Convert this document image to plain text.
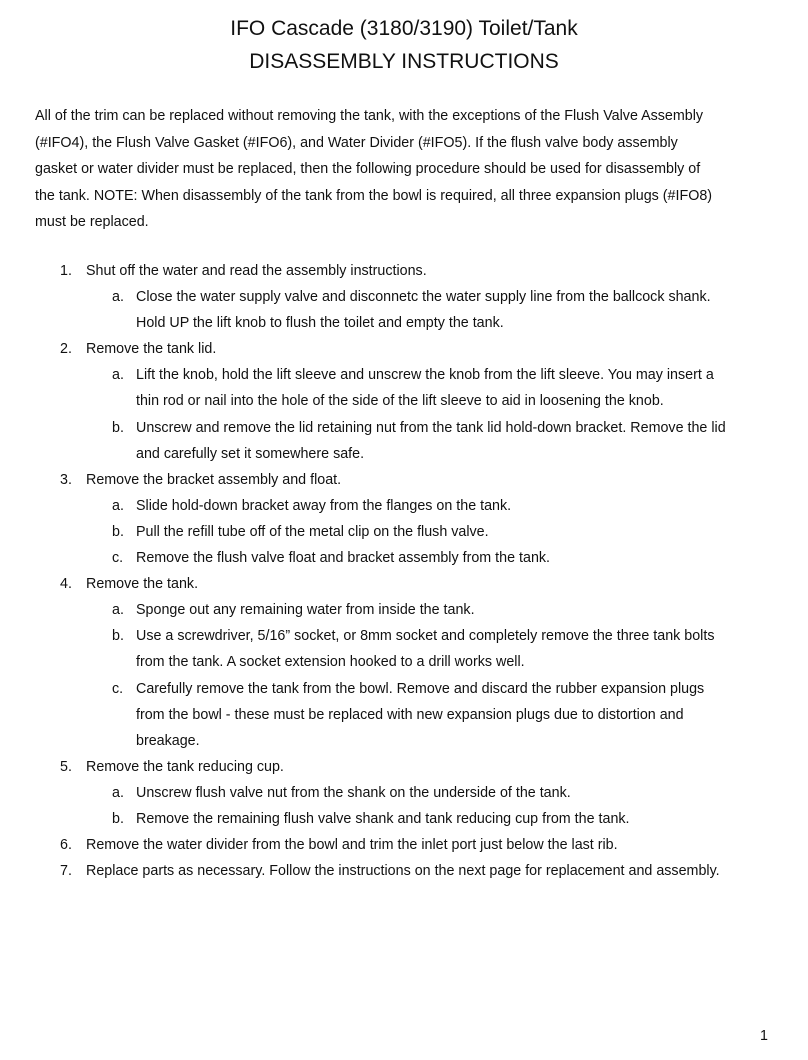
IFO Cascade (3180/3190) Toilet/Tank
DISASSEMBLY INSTRUCTIONS
All of the trim can be replaced without removing the tank, with the exceptions of the Flush Valve Assembly
(#IFO4), the Flush Valve Gasket (#IFO6), and Water Divider (#IFO5). If the flush valve body assembly
gasket or water divider must be replaced, then the following procedure should be used for disassembly of
the tank. NOTE: When disassembly of the tank from the bowl is required, all three expansion plugs (#IFO8)
must be replaced.
1. Shut off the water and read the assembly instructions.
a. Close the water supply valve and disconnetc the water supply line from the ballcock shank.
Hold UP the lift knob to flush the toilet and empty the tank.
2. Remove the tank lid.
a. Lift the knob, hold the lift sleeve and unscrew the knob from the lift sleeve. You may insert a
thin rod or nail into the hole of the side of the lift sleeve to aid in loosening the knob.
b. Unscrew and remove the lid retaining nut from the tank lid hold-down bracket. Remove the lid
and carefully set it somewhere safe.
3. Remove the bracket assembly and float.
a. Slide hold-down bracket away from the flanges on the tank.
b. Pull the refill tube off of the metal clip on the flush valve.
c. Remove the flush valve float and bracket assembly from the tank.
4. Remove the tank.
a. Sponge out any remaining water from inside the tank.
b. Use a screwdriver, 5/16” socket, or 8mm socket and completely remove the three tank bolts
from the tank. A socket extension hooked to a drill works well.
c. Carefully remove the tank from the bowl. Remove and discard the rubber expansion plugs
from the bowl - these must be replaced with new expansion plugs due to distortion and
breakage.
5. Remove the tank reducing cup.
a. Unscrew flush valve nut from the shank on the underside of the tank.
b. Remove the remaining flush valve shank and tank reducing cup from the tank.
6. Remove the water divider from the bowl and trim the inlet port just below the last rib.
7. Replace parts as necessary. Follow the instructions on the next page for replacement and assembly.
1
